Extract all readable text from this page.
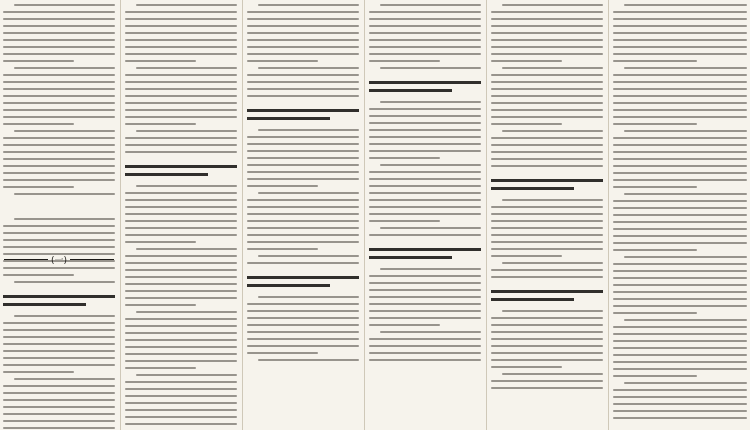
(一)
